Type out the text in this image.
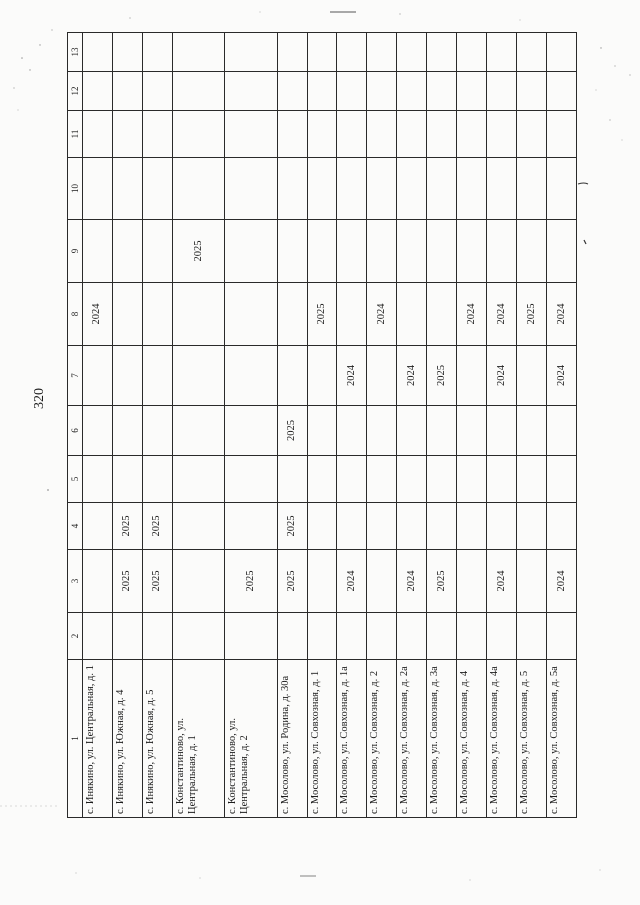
320
1	2	3	4	5	6	7	8	9	10	11	12	13
с. Инякино, ул. Центральная, д. 1							2024					
с. Инякино, ул. Южная, д. 4		2025	2025									
с. Инякино, ул. Южная, д. 5		2025	2025									
с. Константиново, ул. Центральная, д. 1								2025				
с. Константиново, ул. Центральная, д. 2		2025										
с. Мосолово, ул. Родина, д. 30а		2025	2025		2025							
с. Мосолово, ул. Совхозная, д. 1							2025					
с. Мосолово, ул. Совхозная, д. 1а		2024				2024						
с. Мосолово, ул. Совхозная, д. 2							2024					
с. Мосолово, ул. Совхозная, д. 2а		2024				2024						
с. Мосолово, ул. Совхозная, д. 3а		2025				2025						
с. Мосолово, ул. Совхозная, д. 4							2024					
с. Мосолово, ул. Совхозная, д. 4а		2024				2024	2024					
с. Мосолово, ул. Совхозная, д. 5							2025					
с. Мосолово, ул. Совхозная, д. 5а		2024				2024	2024					
